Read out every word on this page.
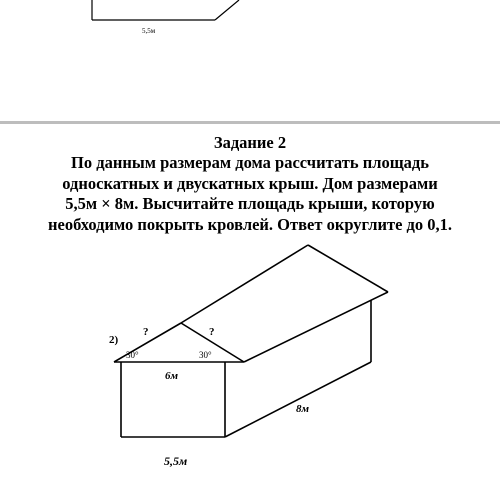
5,5м
Задание 2
По данным размерам дома рассчитать площадь
односкатных и двускатных крыш. Дом размерами
5,5м × 8м. Высчитайте площадь крыши, которую
необходимо покрыть кровлей. Ответ округлите до 0,1.
2)
?	?
30°	30°
6м
8м
5,5м
